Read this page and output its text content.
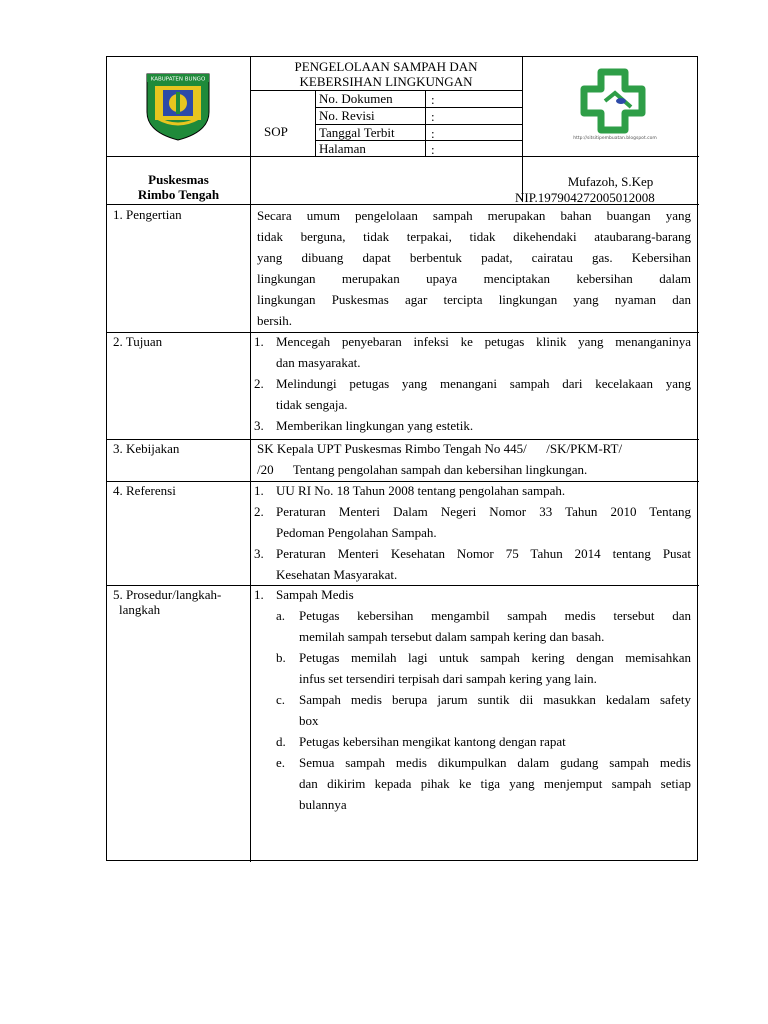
KABUPATEN BUNGO
PENGELOLAAN SAMPAH DAN
KEBERSIHAN LINGKUNGAN
SOP
No. Dokumen	:
No. Revisi	:
Tanggal Terbit	:
Halaman	:
http://sitsitipembuatan.blogspot.com
Puskesmas
Rimbo Tengah
Mufazoh, S.Kep
NIP.197904272005012008
1. Pengertian	Secara umum pengelolaan sampah merupakan bahan buangan yang
tidak berguna, tidak terpakai, tidak dikehendaki ataubarang-barang
yang dibuang dapat berbentuk padat, cairatau gas. Kebersihan
lingkungan merupakan upaya menciptakan kebersihan dalam
lingkungan Puskesmas agar tercipta lingkungan yang nyaman dan
bersih.
2. Tujuan	1. Mencegah penyebaran infeksi ke petugas klinik yang menanganinya
dan masyarakat.
2. Melindungi petugas yang menangani sampah dari kecelakaan yang
tidak sengaja.
3. Memberikan lingkungan yang estetik.
3. Kebijakan	SK Kepala UPT Puskesmas Rimbo Tengah No 445/      /SK/PKM-RT/
/20      Tentang pengolahan sampah dan kebersihan lingkungan.
4. Referensi	1. UU RI No. 18 Tahun 2008 tentang pengolahan sampah.
2. Peraturan Menteri Dalam Negeri Nomor 33 Tahun 2010 Tentang
Pedoman Pengolahan Sampah.
3. Peraturan Menteri Kesehatan Nomor 75 Tahun 2014 tentang Pusat
Kesehatan Masyarakat.
5. Prosedur/langkah-
langkah
1. Sampah Medis
a. Petugas kebersihan mengambil sampah medis tersebut dan
memilah sampah tersebut dalam sampah kering dan basah.
b. Petugas memilah lagi untuk sampah kering dengan memisahkan
infus set tersendiri terpisah dari sampah kering yang lain.
c. Sampah medis berupa jarum suntik dii masukkan kedalam safety
box
d. Petugas kebersihan mengikat kantong dengan rapat
e. Semua sampah medis dikumpulkan dalam gudang sampah medis
dan dikirim kepada pihak ke tiga yang menjemput sampah setiap
bulannya
